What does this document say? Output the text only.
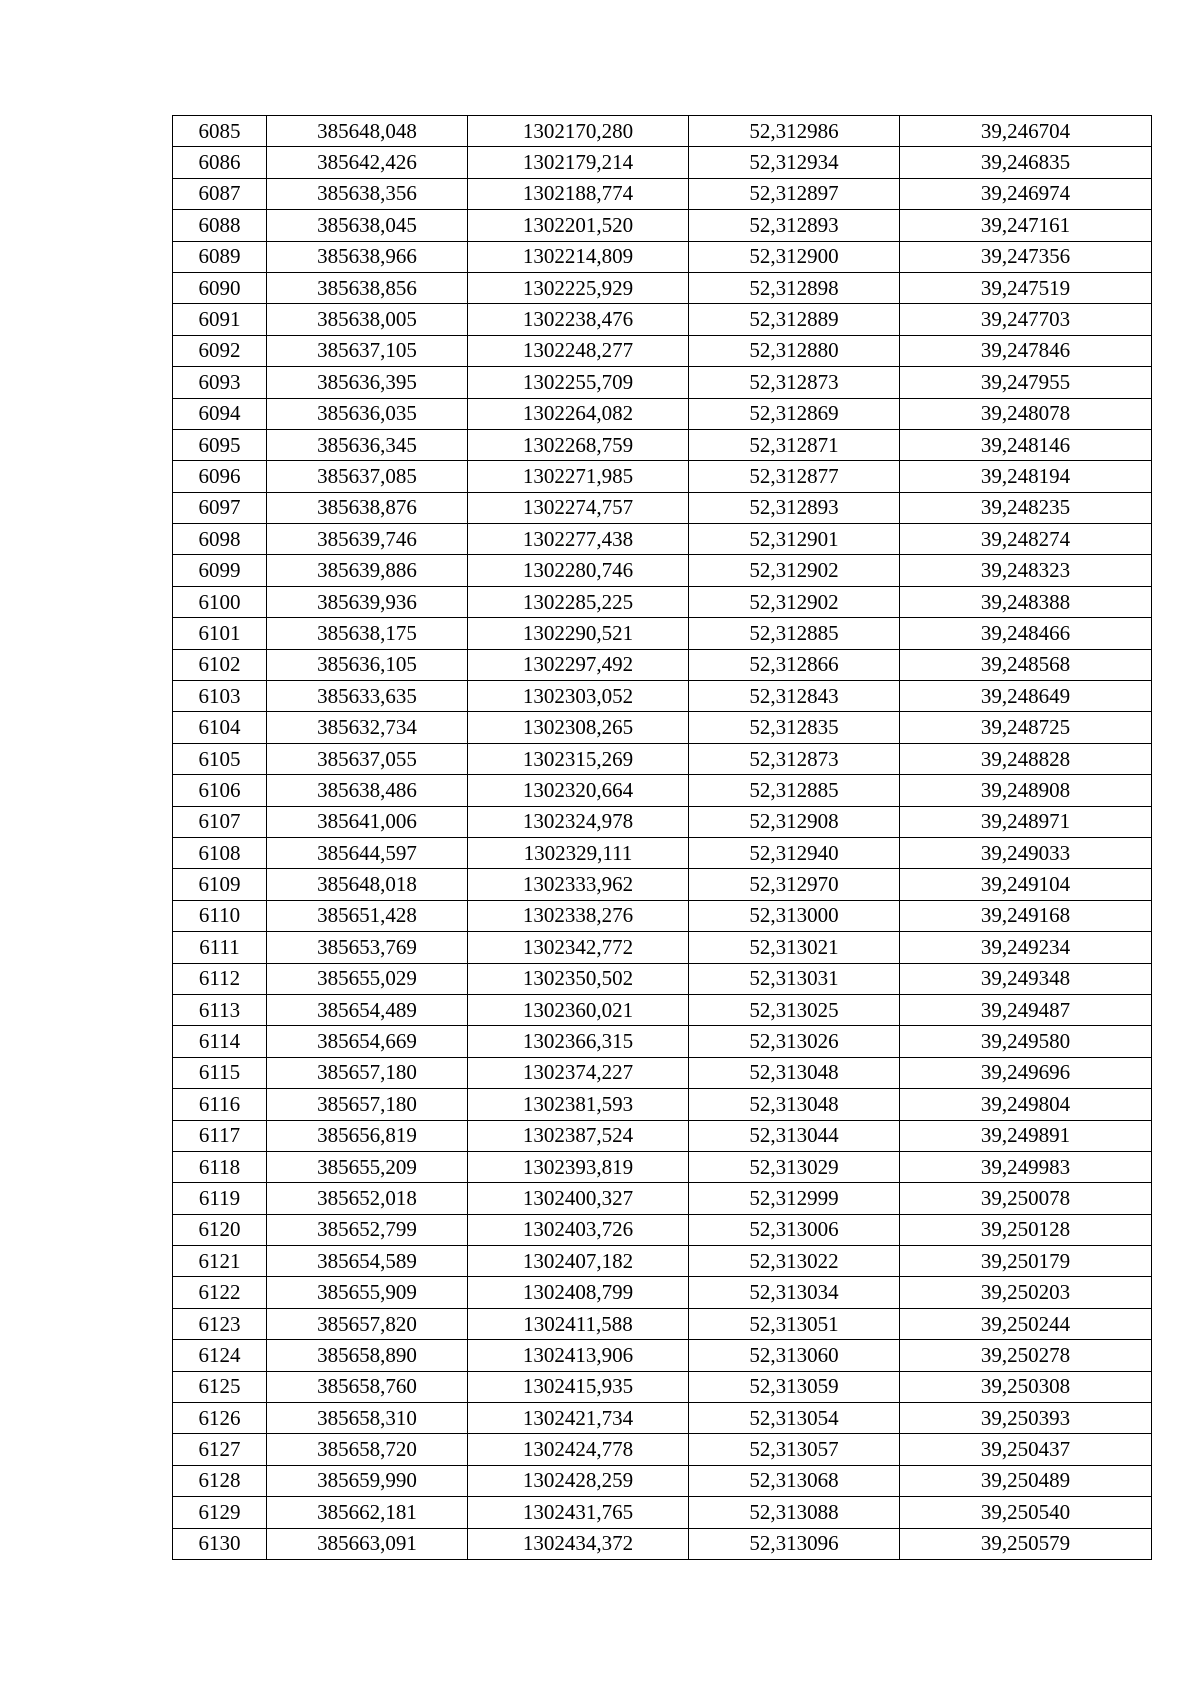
6085	385648,048	1302170,280	52,312986	39,246704
6086	385642,426	1302179,214	52,312934	39,246835
6087	385638,356	1302188,774	52,312897	39,246974
6088	385638,045	1302201,520	52,312893	39,247161
6089	385638,966	1302214,809	52,312900	39,247356
6090	385638,856	1302225,929	52,312898	39,247519
6091	385638,005	1302238,476	52,312889	39,247703
6092	385637,105	1302248,277	52,312880	39,247846
6093	385636,395	1302255,709	52,312873	39,247955
6094	385636,035	1302264,082	52,312869	39,248078
6095	385636,345	1302268,759	52,312871	39,248146
6096	385637,085	1302271,985	52,312877	39,248194
6097	385638,876	1302274,757	52,312893	39,248235
6098	385639,746	1302277,438	52,312901	39,248274
6099	385639,886	1302280,746	52,312902	39,248323
6100	385639,936	1302285,225	52,312902	39,248388
6101	385638,175	1302290,521	52,312885	39,248466
6102	385636,105	1302297,492	52,312866	39,248568
6103	385633,635	1302303,052	52,312843	39,248649
6104	385632,734	1302308,265	52,312835	39,248725
6105	385637,055	1302315,269	52,312873	39,248828
6106	385638,486	1302320,664	52,312885	39,248908
6107	385641,006	1302324,978	52,312908	39,248971
6108	385644,597	1302329,111	52,312940	39,249033
6109	385648,018	1302333,962	52,312970	39,249104
6110	385651,428	1302338,276	52,313000	39,249168
6111	385653,769	1302342,772	52,313021	39,249234
6112	385655,029	1302350,502	52,313031	39,249348
6113	385654,489	1302360,021	52,313025	39,249487
6114	385654,669	1302366,315	52,313026	39,249580
6115	385657,180	1302374,227	52,313048	39,249696
6116	385657,180	1302381,593	52,313048	39,249804
6117	385656,819	1302387,524	52,313044	39,249891
6118	385655,209	1302393,819	52,313029	39,249983
6119	385652,018	1302400,327	52,312999	39,250078
6120	385652,799	1302403,726	52,313006	39,250128
6121	385654,589	1302407,182	52,313022	39,250179
6122	385655,909	1302408,799	52,313034	39,250203
6123	385657,820	1302411,588	52,313051	39,250244
6124	385658,890	1302413,906	52,313060	39,250278
6125	385658,760	1302415,935	52,313059	39,250308
6126	385658,310	1302421,734	52,313054	39,250393
6127	385658,720	1302424,778	52,313057	39,250437
6128	385659,990	1302428,259	52,313068	39,250489
6129	385662,181	1302431,765	52,313088	39,250540
6130	385663,091	1302434,372	52,313096	39,250579
